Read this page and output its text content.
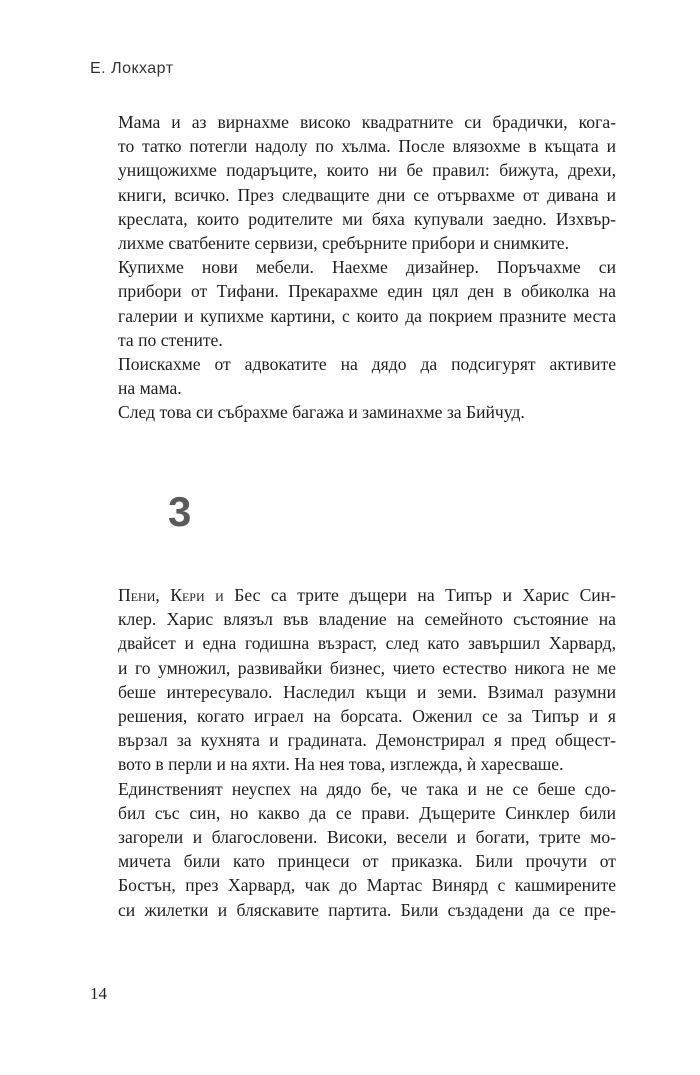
Е. Локхарт

Мама и аз вирнахме високо квадратните си брадички, кога-
то татко потегли надолу по хълма. После влязохме в къщата и
унищожихме подаръците, които ни бе правил: бижута, дрехи,
книги, всичко. През следващите дни се отървахме от дивана и
креслата, които родителите ми бяха купували заедно. Изхвър-
лихме сватбените сервизи, сребърните прибори и снимките.

Купихме нови мебели. Наехме дизайнер. Поръчахме си
прибори от Тифани. Прекарахме един цял ден в обиколка на
галерии и купихме картини, с които да покрием празните места
та по стените.

Поискахме от адвокатите на дядо да подсигурят активите
на мама.

След това си събрахме багажа и заминахме за Бийчуд.

3

Пени, Кери и Бес са трите дъщери на Типър и Харис Син-
клер. Харис влязъл във владение на семейното състояние на
двайсет и една годишна възраст, след като завършил Харвард,
и го умножил, развивайки бизнес, чието естество никога не ме
беше интересувало. Наследил къщи и земи. Взимал разумни
решения, когато играел на борсата. Оженил се за Типър и я
вързал за кухнята и градината. Демонстрирал я пред общест-
вото в перли и на яхти. На нея това, изглежда, ѝ харесваше.

Единственият неуспех на дядо бе, че така и не се беше сдо-
бил със син, но какво да се прави. Дъщерите Синклер били
загорели и благословени. Високи, весели и богати, трите мо-
мичета били като принцеси от приказка. Били прочути от
Бостън, през Харвард, чак до Мартас Винярд с кашмирените
си жилетки и бляскавите партита. Били създадени да се пре-

14
